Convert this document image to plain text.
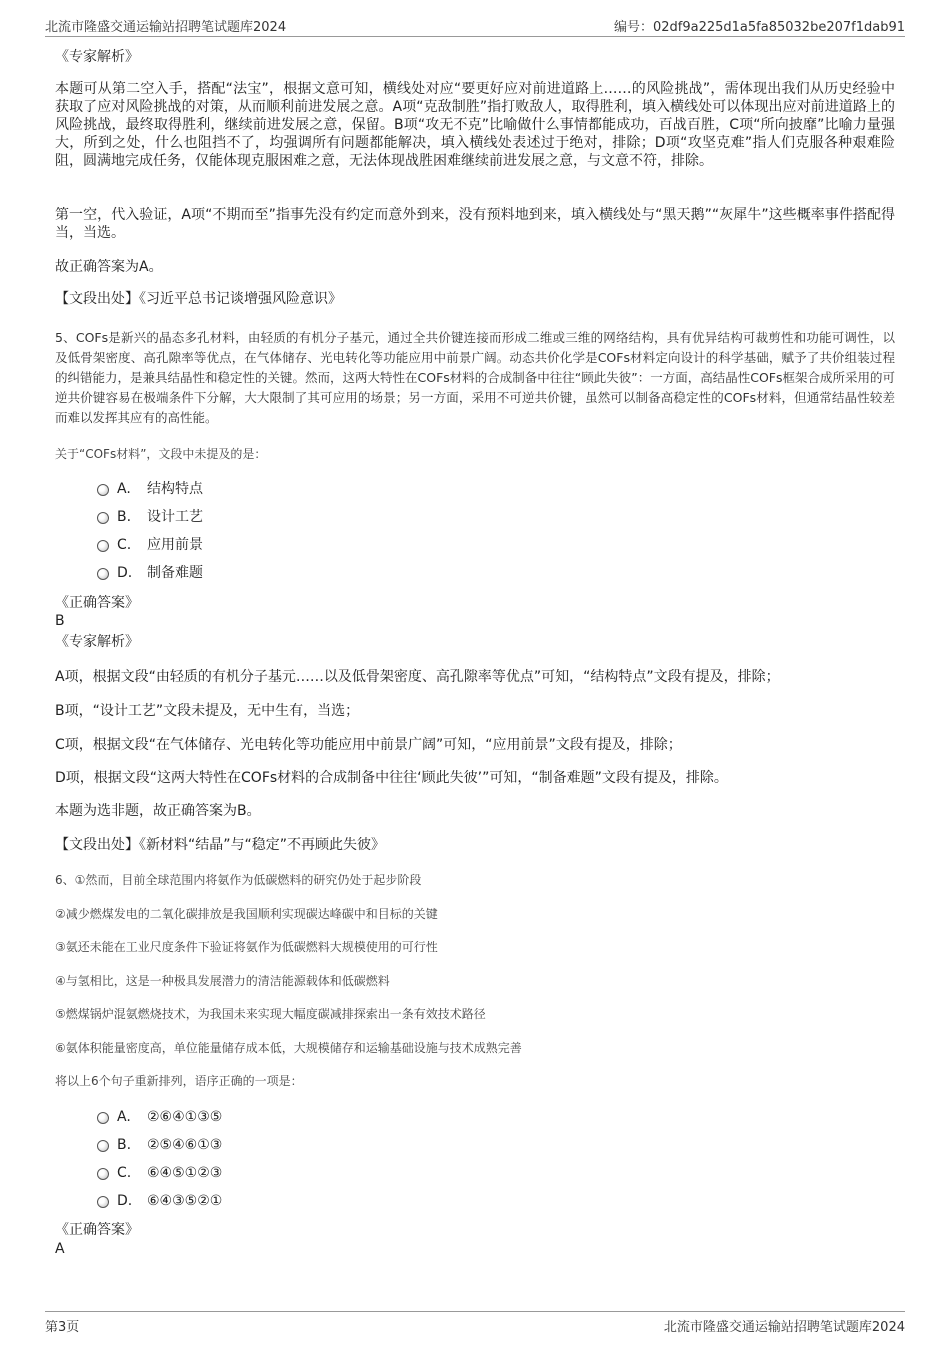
北流市隆盛交通运输站招聘笔试题库2024	编号：02df9a225d1a5fa85032be207f1dab91

《专家解析》

本题可从第二空入手，搭配“法宝”，根据文意可知，横线处对应“要更好应对前进道路上……的风险挑战”，需体现出我们从历史经验中获取了应对风险挑战的对策，从而顺利前进发展之意。A项“克敌制胜”指打败敌人，取得胜利，填入横线处可以体现出应对前进道路上的风险挑战，最终取得胜利，继续前进发展之意，保留。B项“攻无不克”比喻做什么事情都能成功，百战百胜，C项“所向披靡”比喻力量强大，所到之处，什么也阻挡不了，均强调所有问题都能解决，填入横线处表述过于绝对，排除；D项“攻坚克难”指人们克服各种艰难险阻，圆满地完成任务，仅能体现克服困难之意，无法体现战胜困难继续前进发展之意，与文意不符，排除。

第一空，代入验证，A项“不期而至”指事先没有约定而意外到来，没有预料地到来，填入横线处与“黑天鹅”“灰犀牛”这些概率事件搭配得当，当选。

故正确答案为A。

【文段出处】《习近平总书记谈增强风险意识》

5、COFs是新兴的晶态多孔材料，由轻质的有机分子基元，通过全共价键连接而形成二维或三维的网络结构，具有优异结构可裁剪性和功能可调性，以及低骨架密度、高孔隙率等优点，在气体储存、光电转化等功能应用中前景广阔。动态共价化学是COFs材料定向设计的科学基础，赋予了共价组装过程的纠错能力，是兼具结晶性和稳定性的关键。然而，这两大特性在COFs材料的合成制备中往往“顾此失彼”：一方面，高结晶性COFs框架合成所采用的可逆共价键容易在极端条件下分解，大大限制了其可应用的场景；另一方面，采用不可逆共价键，虽然可以制备高稳定性的COFs材料，但通常结晶性较差而难以发挥其应有的高性能。

关于“COFs材料”，文段中未提及的是：

A.	结构特点
B.	设计工艺
C.	应用前景
D.	制备难题

《正确答案》

B

《专家解析》

A项，根据文段“由轻质的有机分子基元……以及低骨架密度、高孔隙率等优点”可知，“结构特点”文段有提及，排除；

B项，“设计工艺”文段未提及，无中生有，当选；

C项，根据文段“在气体储存、光电转化等功能应用中前景广阔”可知，“应用前景”文段有提及，排除；

D项，根据文段“这两大特性在COFs材料的合成制备中往往‘顾此失彼’”可知，“制备难题”文段有提及，排除。

本题为选非题，故正确答案为B。

【文段出处】《新材料“结晶”与“稳定”不再顾此失彼》

6、①然而，目前全球范围内将氨作为低碳燃料的研究仍处于起步阶段

②减少燃煤发电的二氧化碳排放是我国顺利实现碳达峰碳中和目标的关键

③氨还未能在工业尺度条件下验证将氨作为低碳燃料大规模使用的可行性

④与氢相比，这是一种极具发展潜力的清洁能源载体和低碳燃料

⑤燃煤锅炉混氨燃烧技术，为我国未来实现大幅度碳减排探索出一条有效技术路径

⑥氨体积能量密度高，单位能量储存成本低，大规模储存和运输基础设施与技术成熟完善

将以上6个句子重新排列，语序正确的一项是：

A.	②⑥④①③⑤
B.	②⑤④⑥①③
C.	⑥④⑤①②③
D.	⑥④③⑤②①

《正确答案》

A

第3页	北流市隆盛交通运输站招聘笔试题库2024
